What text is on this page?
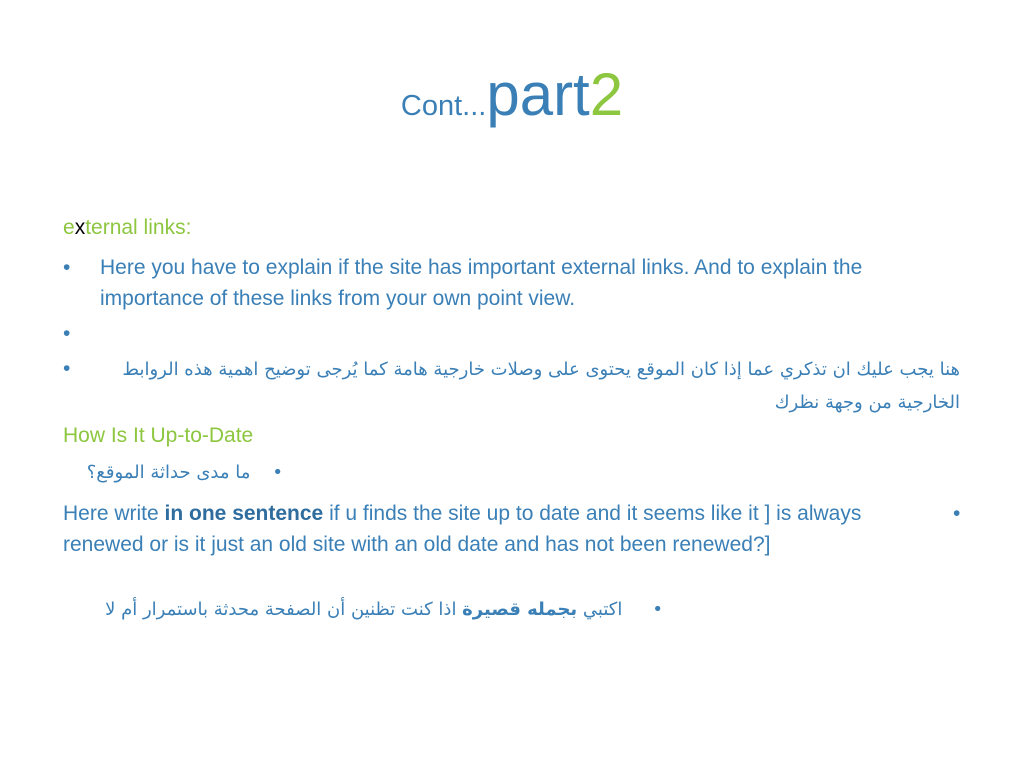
Cont...part2
external links:
• Here you have to explain if the site has important external links. And to explain the importance of these links from your own point view.
•
•	هنا يجب عليك ان تذكري عما إذا كان الموقع يحتوى على وصلات خارجية هامة كما يُرجى توضيح اهمية هذه الروابط الخارجية من وجهة نظرك
How Is It Up-to-Date
•ما مدى حداثة الموقع؟
•
Here write in one sentence if u finds the site up to date and it seems like it ] is always renewed or is it just an old site with an old date and has not been renewed?]
•اكتبي بجمله قصيرة اذا كنت تظنين أن الصفحة محدثة باستمرار أم لا
